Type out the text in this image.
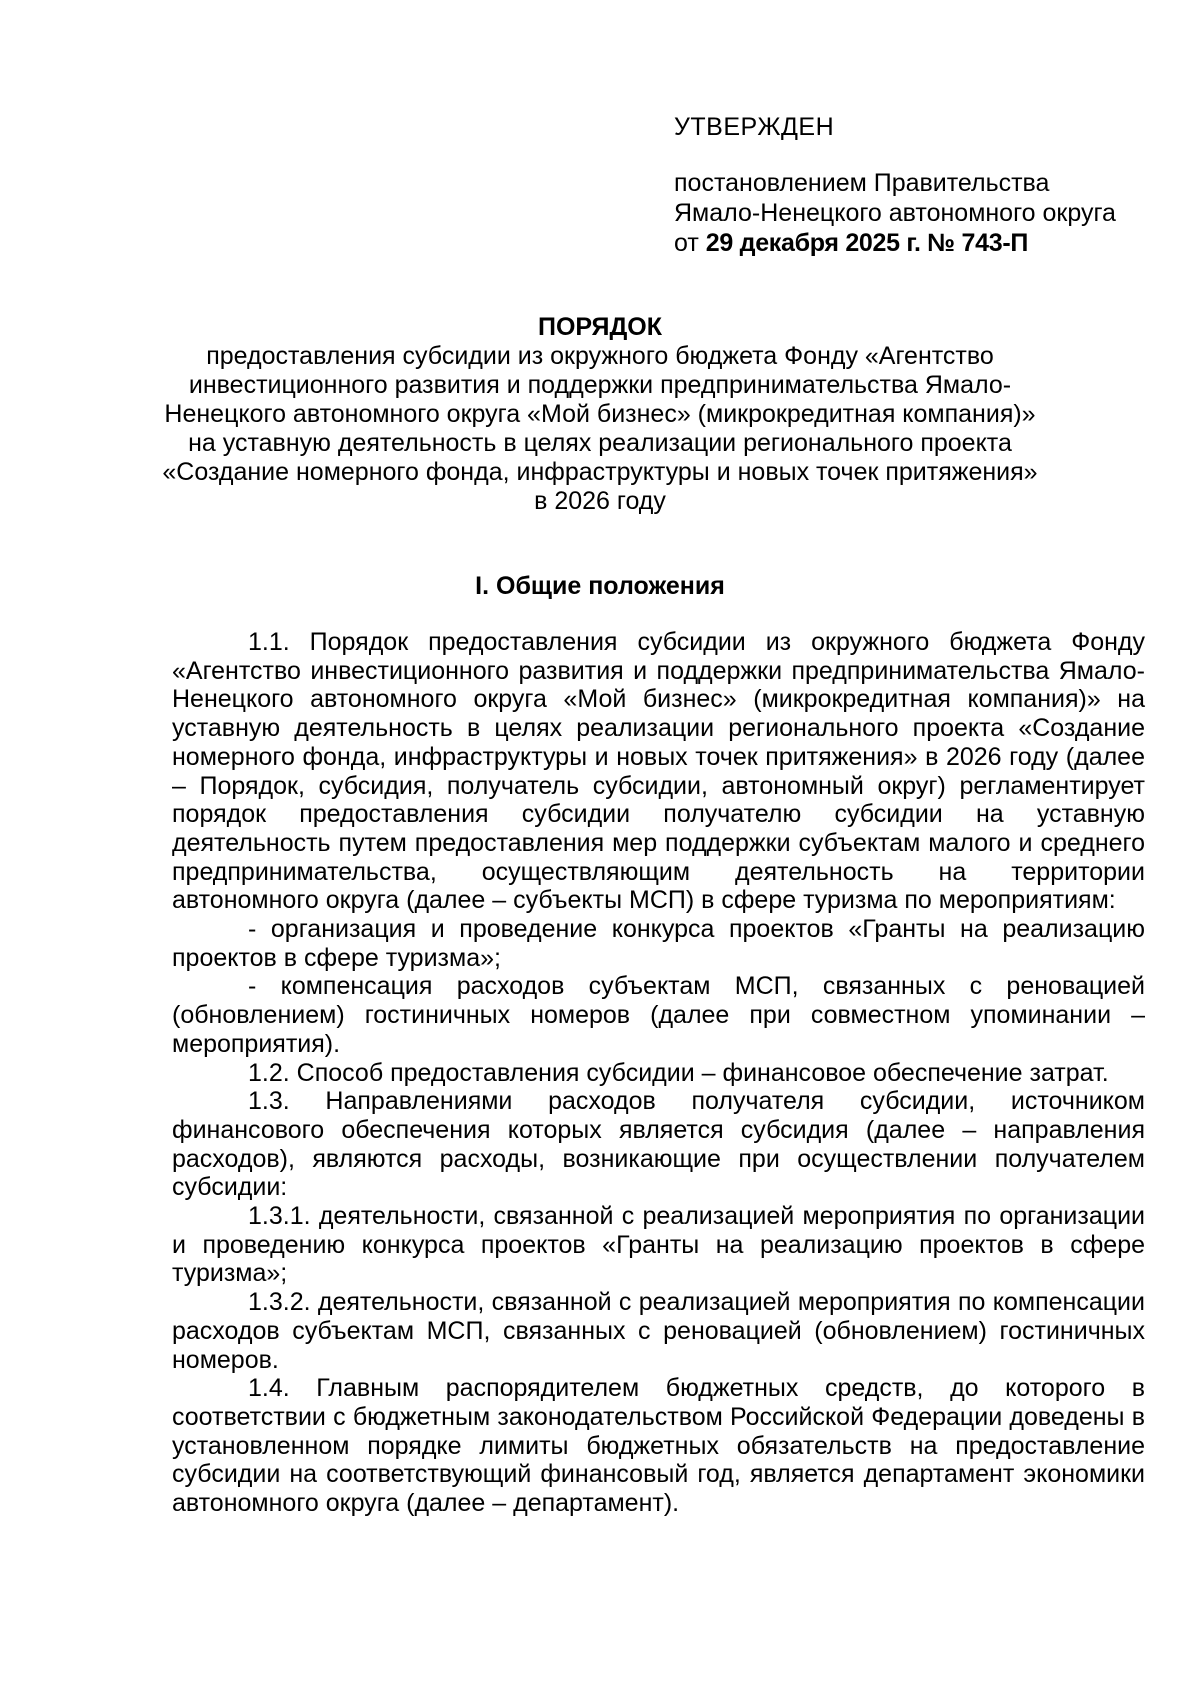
УТВЕРЖДЕН

постановлением Правительства

Ямало-Ненецкого автономного округа

от 29 декабря 2025 г. № 743-П

ПОРЯДОК
предоставления субсидии из окружного бюджета Фонду «Агентство
инвестиционного развития и поддержки предпринимательства Ямало-
Ненецкого автономного округа «Мой бизнес» (микрокредитная компания)»
на уставную деятельность в целях реализации регионального проекта
«Создание номерного фонда, инфраструктуры и новых точек притяжения»
в 2026 году
I. Общие положения

1.1. Порядок предоставления субсидии из окружного бюджета Фонду «Агентство инвестиционного развития и поддержки предпринимательства Ямало-Ненецкого автономного округа «Мой бизнес» (микрокредитная компания)» на уставную деятельность в целях реализации регионального проекта «Создание номерного фонда, инфраструктуры и новых точек притяжения» в 2026 году (далее – Порядок, субсидия, получатель субсидии, автономный округ) регламентирует порядок предоставления субсидии получателю субсидии на уставную деятельность путем предоставления мер поддержки субъектам малого и среднего предпринимательства, осуществляющим деятельность на территории автономного округа (далее – субъекты МСП) в сфере туризма по мероприятиям:

- организация и проведение конкурса проектов «Гранты на реализацию проектов в сфере туризма»;

- компенсация расходов субъектам МСП, связанных с реновацией (обновлением) гостиничных номеров (далее при совместном упоминании – мероприятия).

1.2. Способ предоставления субсидии – финансовое обеспечение затрат.

1.3. Направлениями расходов получателя субсидии, источником финансового обеспечения которых является субсидия (далее – направления расходов), являются расходы, возникающие при осуществлении получателем субсидии:

1.3.1. деятельности, связанной с реализацией мероприятия по организации и проведению конкурса проектов «Гранты на реализацию проектов в сфере туризма»;

1.3.2. деятельности, связанной с реализацией мероприятия по компенсации расходов субъектам МСП, связанных с реновацией (обновлением) гостиничных номеров.

1.4. Главным распорядителем бюджетных средств, до которого в соответствии с бюджетным законодательством Российской Федерации доведены в установленном порядке лимиты бюджетных обязательств на предоставление субсидии на соответствующий финансовый год, является департамент экономики автономного округа (далее – департамент).
